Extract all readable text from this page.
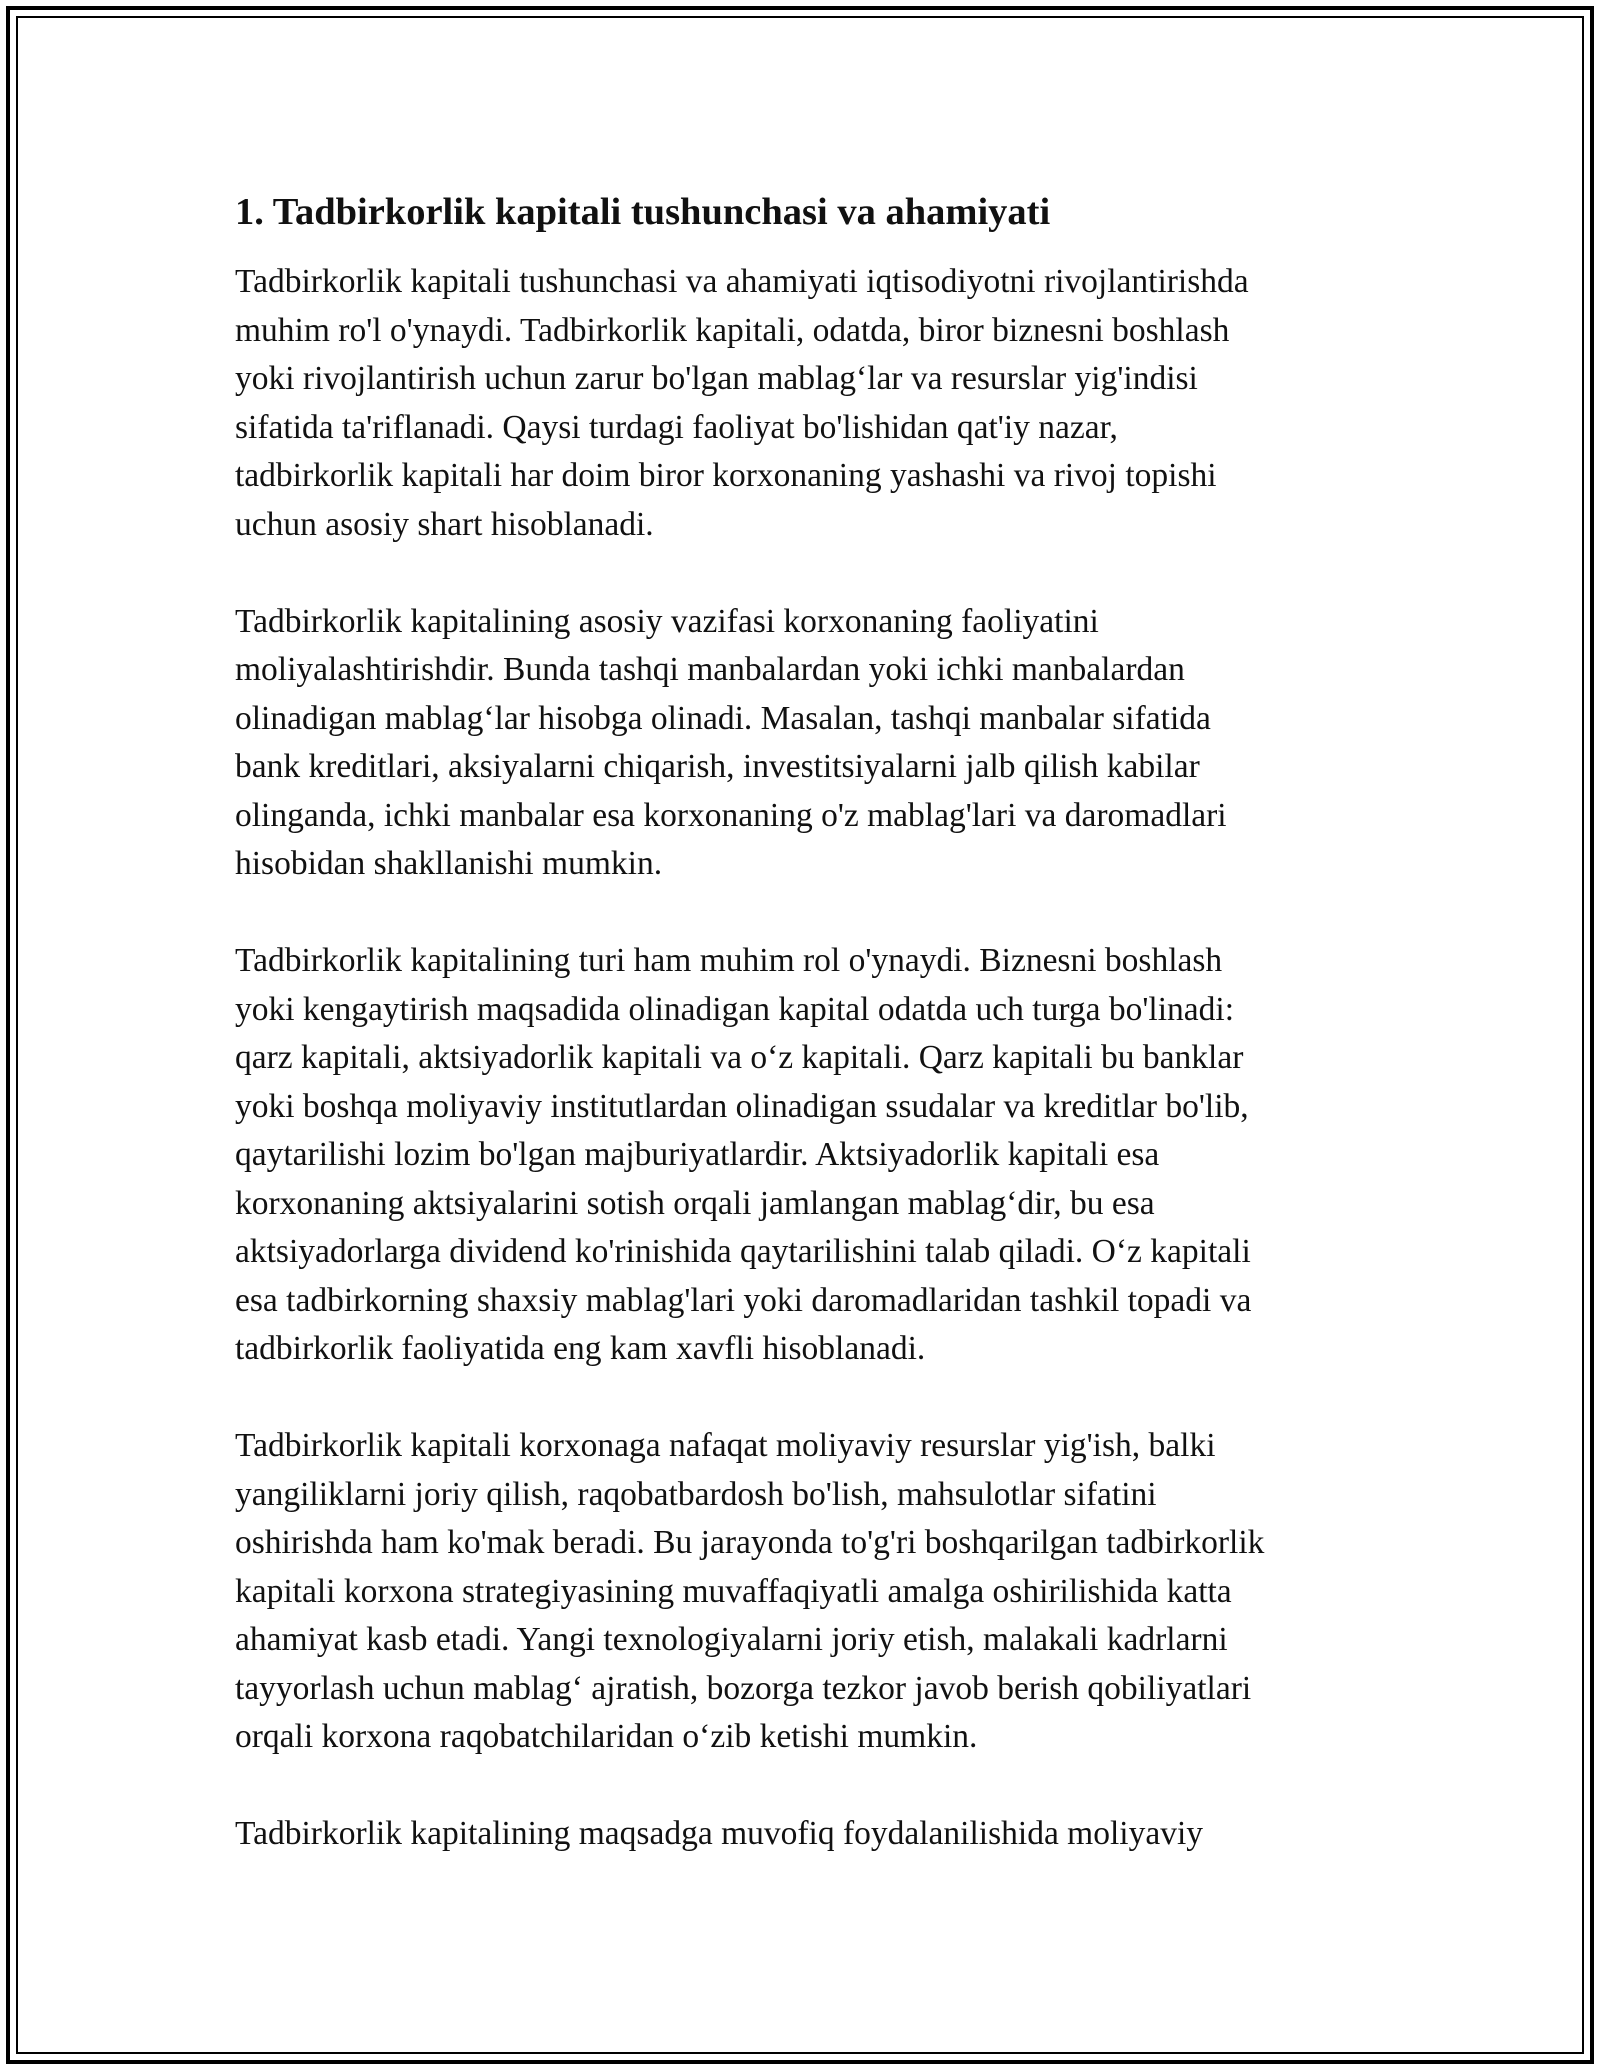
1. Tadbirkorlik kapitali tushunchasi va ahamiyati

Tadbirkorlik kapitali tushunchasi va ahamiyati iqtisodiyotni rivojlantirishda
muhim ro'l o'ynaydi. Tadbirkorlik kapitali, odatda, biror biznesni boshlash
yoki rivojlantirish uchun zarur bo'lgan mablag‘lar va resurslar yig'indisi
sifatida ta'riflanadi. Qaysi turdagi faoliyat bo'lishidan qat'iy nazar,
tadbirkorlik kapitali har doim biror korxonaning yashashi va rivoj topishi
uchun asosiy shart hisoblanadi.

Tadbirkorlik kapitalining asosiy vazifasi korxonaning faoliyatini
moliyalashtirishdir. Bunda tashqi manbalardan yoki ichki manbalardan
olinadigan mablag‘lar hisobga olinadi. Masalan, tashqi manbalar sifatida
bank kreditlari, aksiyalarni chiqarish, investitsiyalarni jalb qilish kabilar
olinganda, ichki manbalar esa korxonaning o'z mablag'lari va daromadlari
hisobidan shakllanishi mumkin.

Tadbirkorlik kapitalining turi ham muhim rol o'ynaydi. Biznesni boshlash
yoki kengaytirish maqsadida olinadigan kapital odatda uch turga bo'linadi:
qarz kapitali, aktsiyadorlik kapitali va o‘z kapitali. Qarz kapitali bu banklar
yoki boshqa moliyaviy institutlardan olinadigan ssudalar va kreditlar bo'lib,
qaytarilishi lozim bo'lgan majburiyatlardir. Aktsiyadorlik kapitali esa
korxonaning aktsiyalarini sotish orqali jamlangan mablag‘dir, bu esa
aktsiyadorlarga dividend ko'rinishida qaytarilishini talab qiladi. O‘z kapitali
esa tadbirkorning shaxsiy mablag'lari yoki daromadlaridan tashkil topadi va
tadbirkorlik faoliyatida eng kam xavfli hisoblanadi.

Tadbirkorlik kapitali korxonaga nafaqat moliyaviy resurslar yig'ish, balki
yangiliklarni joriy qilish, raqobatbardosh bo'lish, mahsulotlar sifatini
oshirishda ham ko'mak beradi. Bu jarayonda to'g'ri boshqarilgan tadbirkorlik
kapitali korxona strategiyasining muvaffaqiyatli amalga oshirilishida katta
ahamiyat kasb etadi. Yangi texnologiyalarni joriy etish, malakali kadrlarni
tayyorlash uchun mablag‘ ajratish, bozorga tezkor javob berish qobiliyatlari
orqali korxona raqobatchilaridan o‘zib ketishi mumkin.

Tadbirkorlik kapitalining maqsadga muvofiq foydalanilishida moliyaviy
